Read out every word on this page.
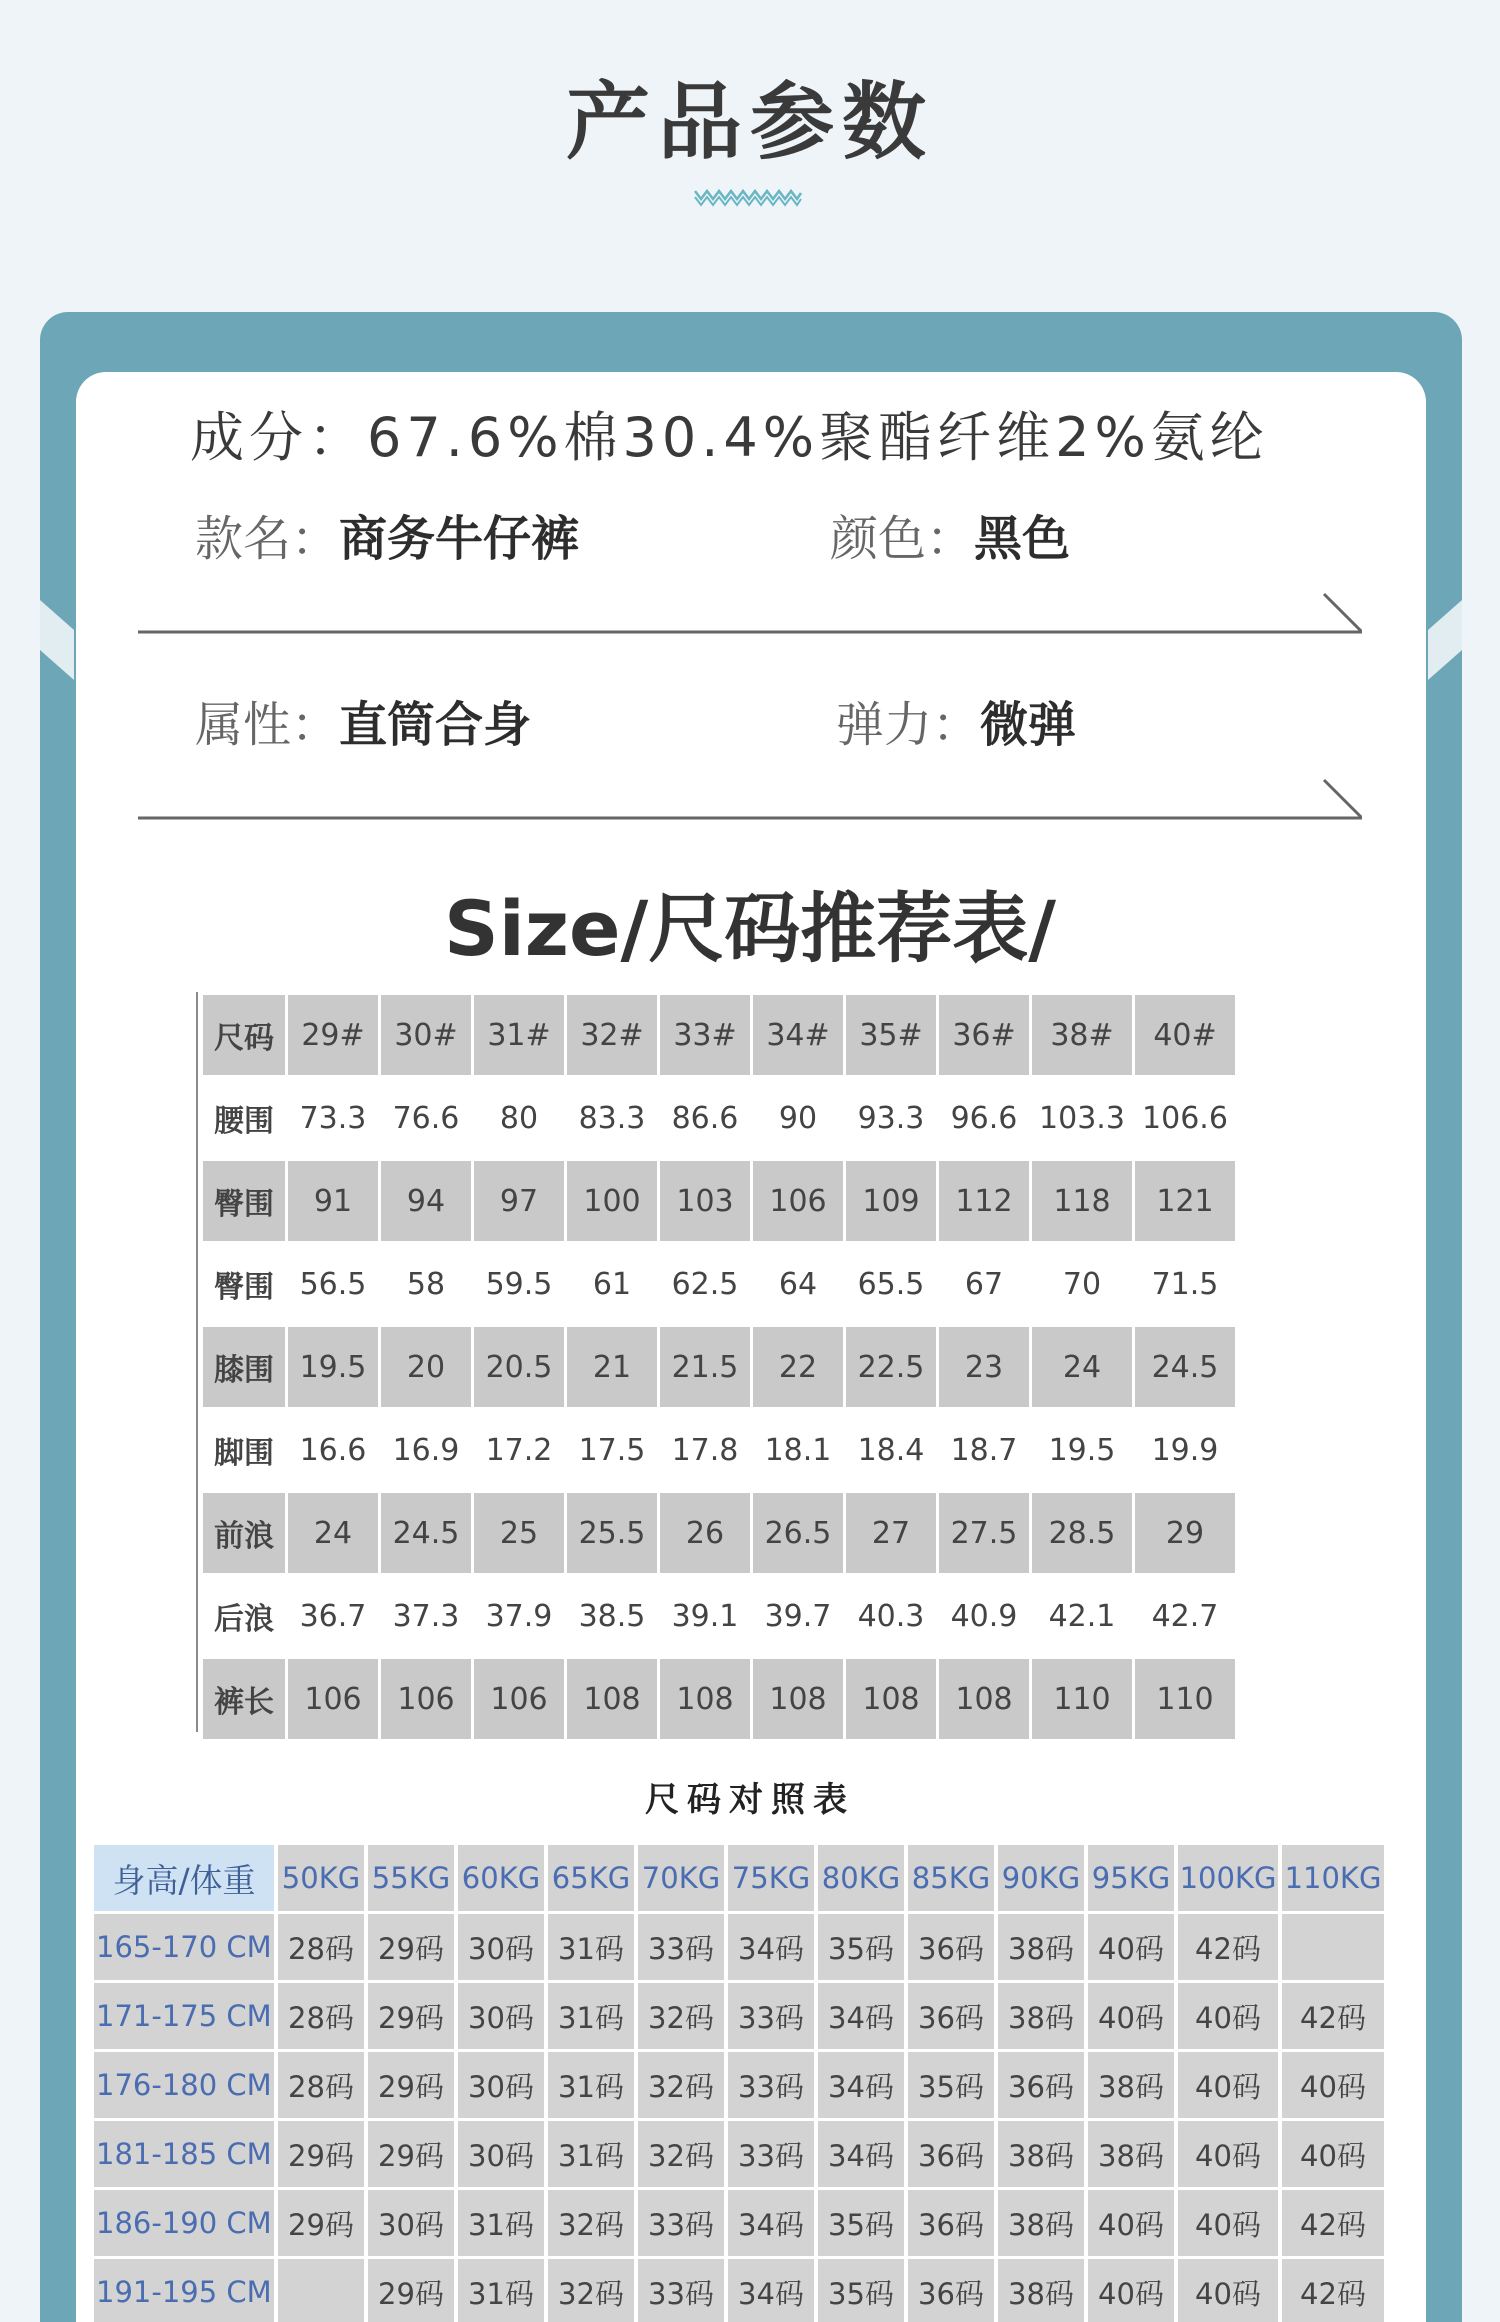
产品参数
成分：67.6%棉30.4%聚酯纤维2%氨纶
款名：商务牛仔裤	颜色：黑色
属性：直筒合身	弹力：微弹
Size/尺码推荐表/
尺码	29#	30#	31#	32#	33#	34#	35#	36#	38#	40#
腰围	73.3	76.6	80	83.3	86.6	90	93.3	96.6	103.3	106.6
臀围	91	94	97	100	103	106	109	112	118	121
臀围	56.5	58	59.5	61	62.5	64	65.5	67	70	71.5
膝围	19.5	20	20.5	21	21.5	22	22.5	23	24	24.5
脚围	16.6	16.9	17.2	17.5	17.8	18.1	18.4	18.7	19.5	19.9
前浪	24	24.5	25	25.5	26	26.5	27	27.5	28.5	29
后浪	36.7	37.3	37.9	38.5	39.1	39.7	40.3	40.9	42.1	42.7
裤长	106	106	106	108	108	108	108	108	110	110
尺码对照表
身高/体重	50KG	55KG	60KG	65KG	70KG	75KG	80KG	85KG	90KG	95KG	100KG	110KG
165-170 CM	28码	29码	30码	31码	33码	34码	35码	36码	38码	40码	42码	
171-175 CM	28码	29码	30码	31码	32码	33码	34码	36码	38码	40码	40码	42码
176-180 CM	28码	29码	30码	31码	32码	33码	34码	35码	36码	38码	40码	40码
181-185 CM	29码	29码	30码	31码	32码	33码	34码	36码	38码	38码	40码	40码
186-190 CM	29码	30码	31码	32码	33码	34码	35码	36码	38码	40码	40码	42码
191-195 CM		29码	31码	32码	33码	34码	35码	36码	38码	40码	40码	42码
